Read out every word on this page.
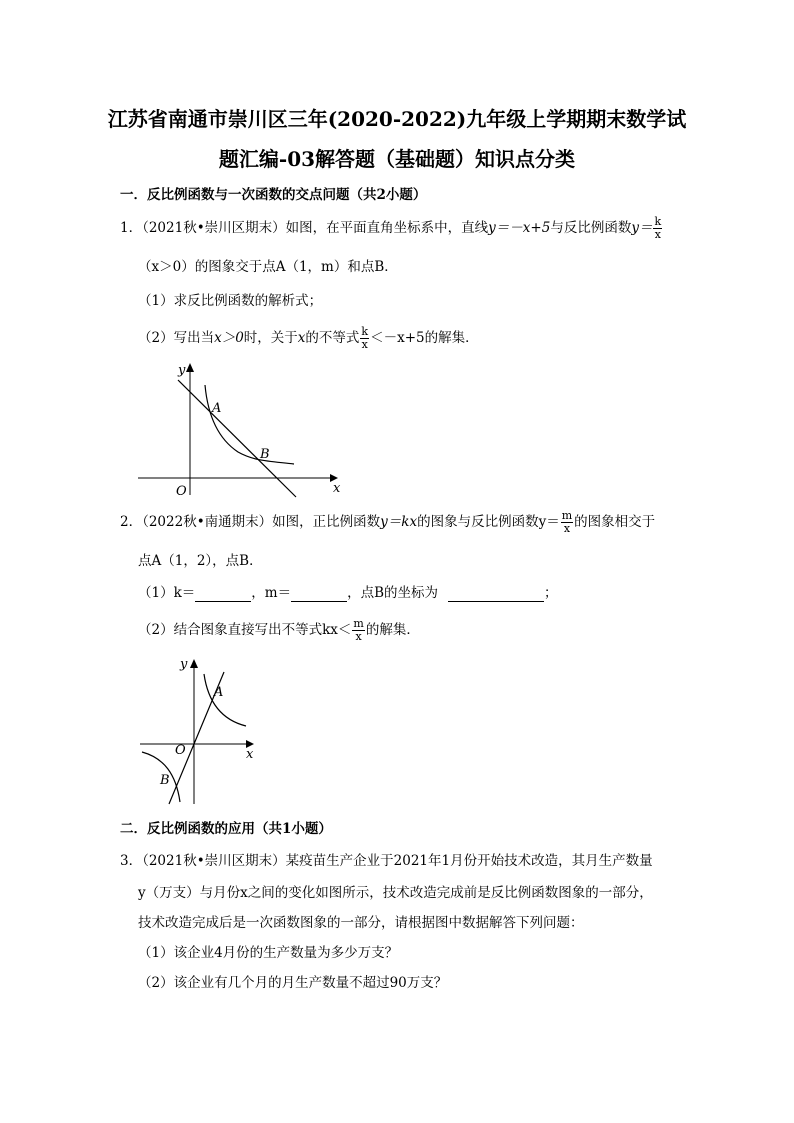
江苏省南通市崇川区三年(2020-2022)九年级上学期期末数学试
题汇编-03解答题（基础题）知识点分类
一．反比例函数与一次函数的交点问题（共2小题）
1．（2021秋•崇川区期末）如图，在平面直角坐标系中，直线y＝－x+5与反比例函数$y= \frac{k}{x}$
（x＞0）的图象交于点A（1，m）和点B．
（1）求反比例函数的解析式；
（2）写出当x＞0时，关于x的不等式 $\frac{k}{x} <-x+5$的解集．
y
x
O
A
B
2．（2022秋•南通期末）如图，正比例函数y＝kx的图象与反比例函数$y= \frac{m}{x}$ 的图象相交于
点A（1，2），点B．
（1）k＝	，m＝	，点B的坐标为	；
（2）结合图象直接写出不等式$kx< \frac{m}{x}$ 的解集．
y
x
O
A
B
二．反比例函数的应用（共1小题）
3．（2021秋•崇川区期末）某疫苗生产企业于2021年1月份开始技术改造，其月生产数量
y（万支）与月份x之间的变化如图所示，技术改造完成前是反比例函数图象的一部分，
技术改造完成后是一次函数图象的一部分，请根据图中数据解答下列问题：
（1）该企业4月份的生产数量为多少万支？
（2）该企业有几个月的月生产数量不超过90万支？
